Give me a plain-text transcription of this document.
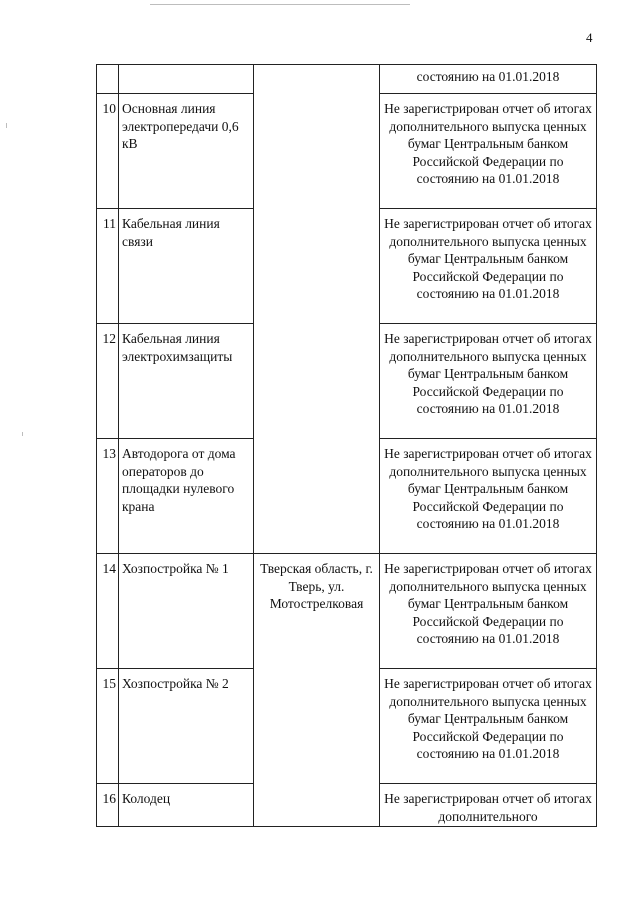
4
			состоянию на 01.01.2018
10	Основная линия электропередачи 0,6 кВ		Не зарегистрирован отчет об итогах дополнительного выпуска ценных бумаг Центральным банком Российской Федерации по состоянию на 01.01.2018
11	Кабельная линия связи		Не зарегистрирован отчет об итогах дополнительного выпуска ценных бумаг Центральным банком Российской Федерации по состоянию на 01.01.2018
12	Кабельная линия электрохимзащиты		Не зарегистрирован отчет об итогах дополнительного выпуска ценных бумаг Центральным банком Российской Федерации по состоянию на 01.01.2018
13	Автодорога от дома операторов до площадки нулевого крана		Не зарегистрирован отчет об итогах дополнительного выпуска ценных бумаг Центральным банком Российской Федерации по состоянию на 01.01.2018
14	Хозпостройка № 1	Тверская область, г. Тверь, ул. Мотострелковая	Не зарегистрирован отчет об итогах дополнительного выпуска ценных бумаг Центральным банком Российской Федерации по состоянию на 01.01.2018
15	Хозпостройка № 2		Не зарегистрирован отчет об итогах дополнительного выпуска ценных бумаг Центральным банком Российской Федерации по состоянию на 01.01.2018
16	Колодец		Не зарегистрирован отчет об итогах дополнительного
